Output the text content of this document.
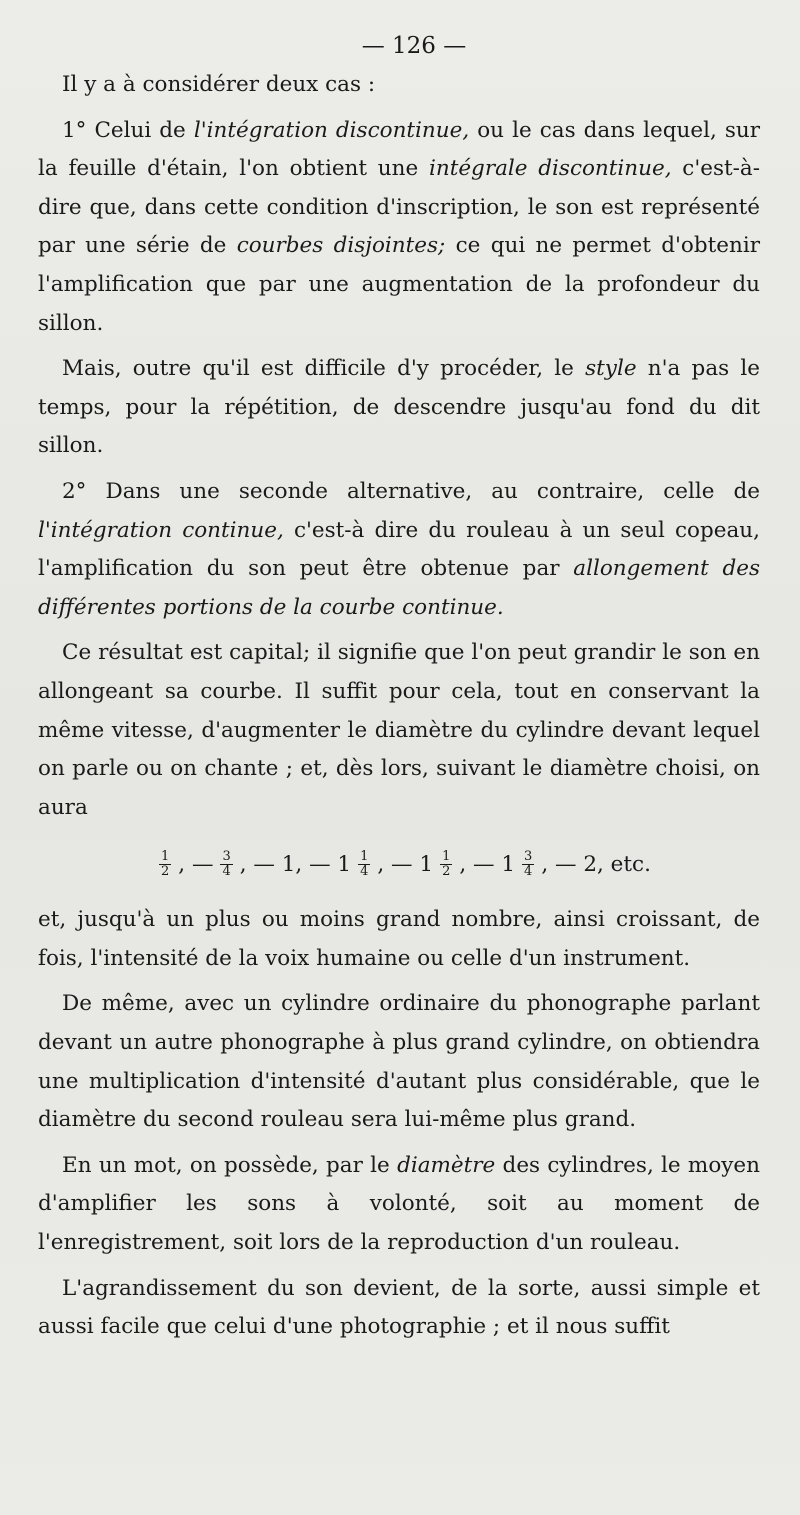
— 126 —

Il y a à considérer deux cas :

1° Celui de l'intégration discontinue, ou le cas dans lequel, sur la feuille d'étain, l'on obtient une intégrale discontinue, c'est-à-dire que, dans cette condition d'inscription, le son est représenté par une série de courbes disjointes; ce qui ne permet d'obtenir l'amplification que par une augmentation de la profondeur du sillon.

Mais, outre qu'il est difficile d'y procéder, le style n'a pas le temps, pour la répétition, de descendre jusqu'au fond du dit sillon.

2° Dans une seconde alternative, au contraire, celle de l'intégration continue, c'est-à dire du rouleau à un seul copeau, l'amplification du son peut être obtenue par allongement des différentes portions de la courbe continue.

Ce résultat est capital; il signifie que l'on peut grandir le son en allongeant sa courbe. Il suffit pour cela, tout en conservant la même vitesse, d'augmenter le diamètre du cylindre devant lequel on parle ou on chante ; et, dès lors, suivant le diamètre choisi, on aura

$\frac{1}{2}$ , — $\frac{3}{4}$ , — 1, — $1 \frac{1}{4}$ , — $1 \frac{1}{2}$ , — $1 \frac{3}{4}$ , — 2, etc.

et, jusqu'à un plus ou moins grand nombre, ainsi croissant, de fois, l'intensité de la voix humaine ou celle d'un instrument.

De même, avec un cylindre ordinaire du phonographe parlant devant un autre phonographe à plus grand cylindre, on obtiendra une multiplication d'intensité d'autant plus considérable, que le diamètre du second rouleau sera lui-même plus grand.

En un mot, on possède, par le diamètre des cylindres, le moyen d'amplifier les sons à volonté, soit au moment de l'enregistrement, soit lors de la reproduction d'un rouleau.

L'agrandissement du son devient, de la sorte, aussi simple et aussi facile que celui d'une photographie ; et il nous suffit
